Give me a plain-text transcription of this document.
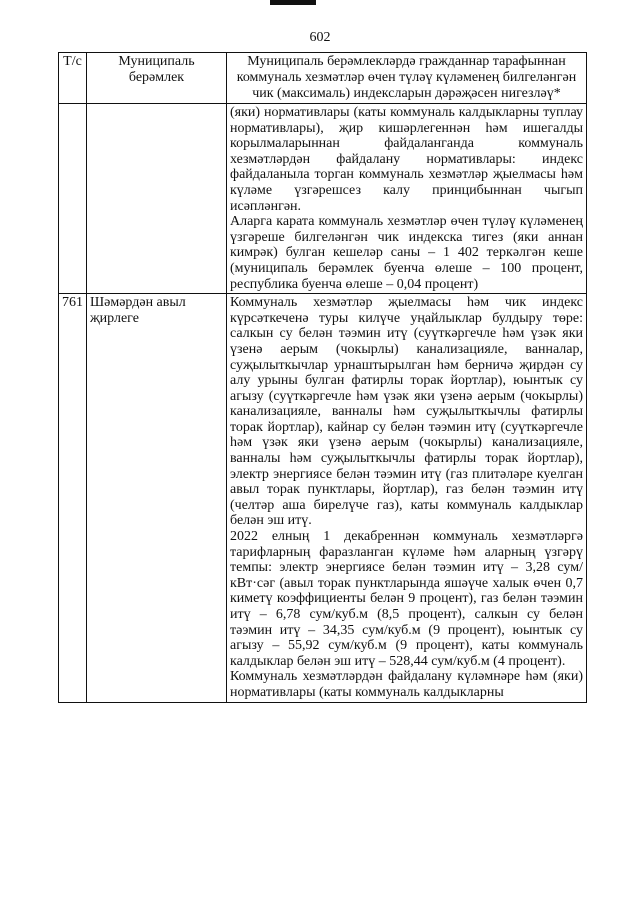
602
Т/с	Муниципаль берәмлек	Муниципаль берәмлекләрдә гражданнар тарафыннан коммуналь хезмәтләр өчен түләү күләменең билгеләнгән чик (максималь) индексларын дәрәҗәсен нигезләү*

		(яки) нормативлары (каты коммуналь калдыкларны туплау нормативлары), җир кишәрлегеннән һәм ишегалды корылмаларыннан файдаланганда коммуналь хезмәтләрдән файдалану нормативлары: индекс файдаланыла торган коммуналь хезмәтләр җыелмасы һәм күләме үзгәрешсез калу принцибыннан чыгып исәпләнгән.

Аларга карата коммуналь хезмәтләр өчен түләү күләменең үзгәреше билгеләнгән чик индекска тигез (яки аннан кимрәк) булган кешеләр саны – 1 402 теркәлгән кеше (муниципаль берәмлек буенча өлеше – 100 процент, республика буенча өлеше – 0,04 процент)

761	Шәмәрдән авыл җирлеге	Коммуналь хезмәтләр җыелмасы һәм чик индекс күрсәткеченә туры килүче уңайлыклар булдыру төре: салкын су белән тәэмин итү (суүткәргечле һәм үзәк яки үзенә аерым (чокырлы) канализацияле, ванналар, суҗылыткычлар урнаштырылган һәм берничә җирдән су алу урыны булган фатирлы торак йортлар), юынтык су агызу (суүткәргечле һәм үзәк яки үзенә аерым (чокырлы) канализацияле, ванналы һәм суҗылыткычлы фатирлы торак йортлар), кайнар су белән тәэмин итү (суүткәргечле һәм үзәк яки үзенә аерым (чокырлы) канализацияле, ванналы һәм суҗылыткычлы фатирлы торак йортлар), электр энергиясе белән тәэмин итү (газ плитәләре куелган авыл торак пунктлары, йортлар), газ белән тәэмин итү (челтәр аша бирелүче газ), каты коммуналь калдыклар белән эш итү.

2022 елның 1 декабреннән коммуналь хезмәтләргә тарифларның фаразланган күләме һәм аларның үзгәрү темпы: электр энергиясе белән тәэмин итү – 3,28 сум/кВт·сәг (авыл торак пунктларында яшәүче халык өчен 0,7 киметү коэффициенты белән 9 процент), газ белән тәэмин итү – 6,78 сум/куб.м (8,5 процент), салкын су белән тәэмин итү – 34,35 сум/куб.м (9 процент), юынтык су агызу – 55,92 сум/куб.м (9 процент), каты коммуналь калдыклар белән эш итү – 528,44 сум/куб.м (4 процент).

Коммуналь хезмәтләрдән файдалану күләмнәре һәм (яки) нормативлары (каты коммуналь калдыкларны
